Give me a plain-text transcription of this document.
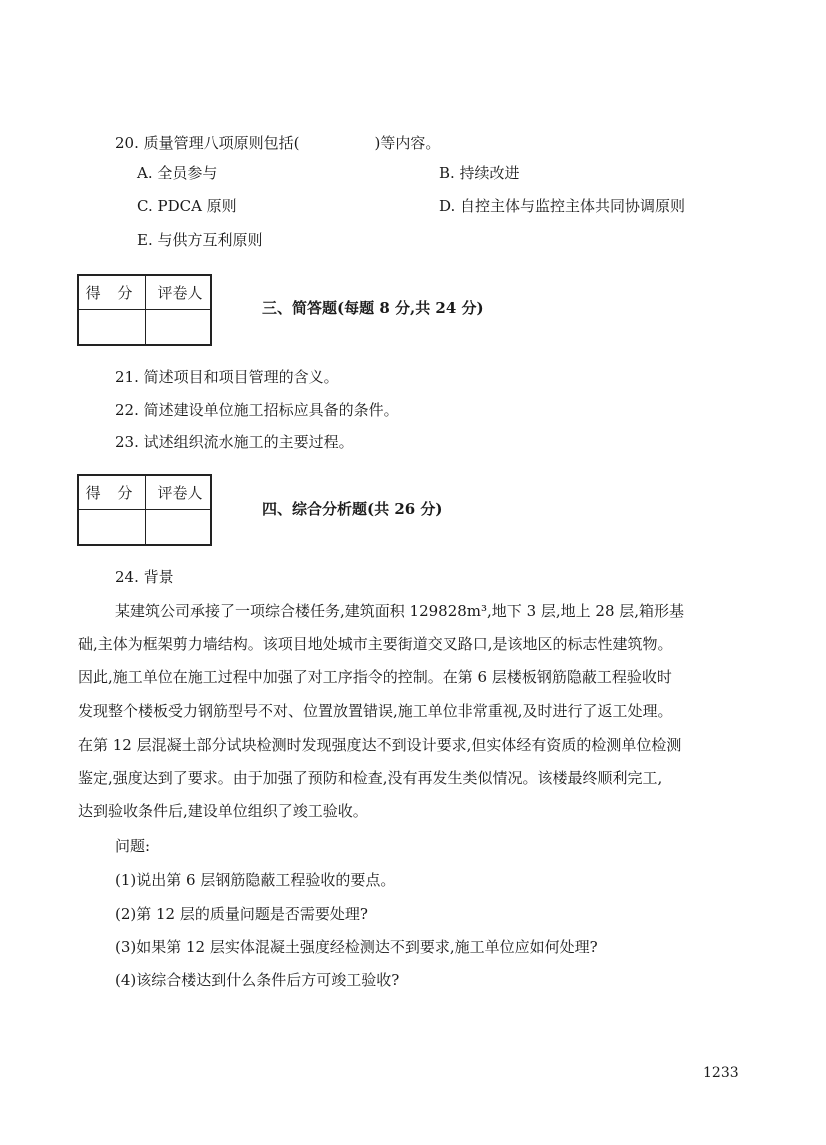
20. 质量管理八项原则包括(　　　　　)等内容。
A. 全员参与	B. 持续改进
C. PDCA 原则	D. 自控主体与监控主体共同协调原则
E. 与供方互利原则
得 分	评卷人
三、简答题(每题 8 分,共 24 分)
21. 简述项目和项目管理的含义。
22. 简述建设单位施工招标应具备的条件。
23. 试述组织流水施工的主要过程。
得 分	评卷人
四、综合分析题(共 26 分)
24. 背景
某建筑公司承接了一项综合楼任务,建筑面积 129828m³,地下 3 层,地上 28 层,箱形基
础,主体为框架剪力墙结构。该项目地处城市主要街道交叉路口,是该地区的标志性建筑物。
因此,施工单位在施工过程中加强了对工序指令的控制。在第 6 层楼板钢筋隐蔽工程验收时
发现整个楼板受力钢筋型号不对、位置放置错误,施工单位非常重视,及时进行了返工处理。
在第 12 层混凝土部分试块检测时发现强度达不到设计要求,但实体经有资质的检测单位检测
鉴定,强度达到了要求。由于加强了预防和检查,没有再发生类似情况。该楼最终顺利完工,
达到验收条件后,建设单位组织了竣工验收。
问题:
(1)说出第 6 层钢筋隐蔽工程验收的要点。
(2)第 12 层的质量问题是否需要处理?
(3)如果第 12 层实体混凝土强度经检测达不到要求,施工单位应如何处理?
(4)该综合楼达到什么条件后方可竣工验收?
1233
